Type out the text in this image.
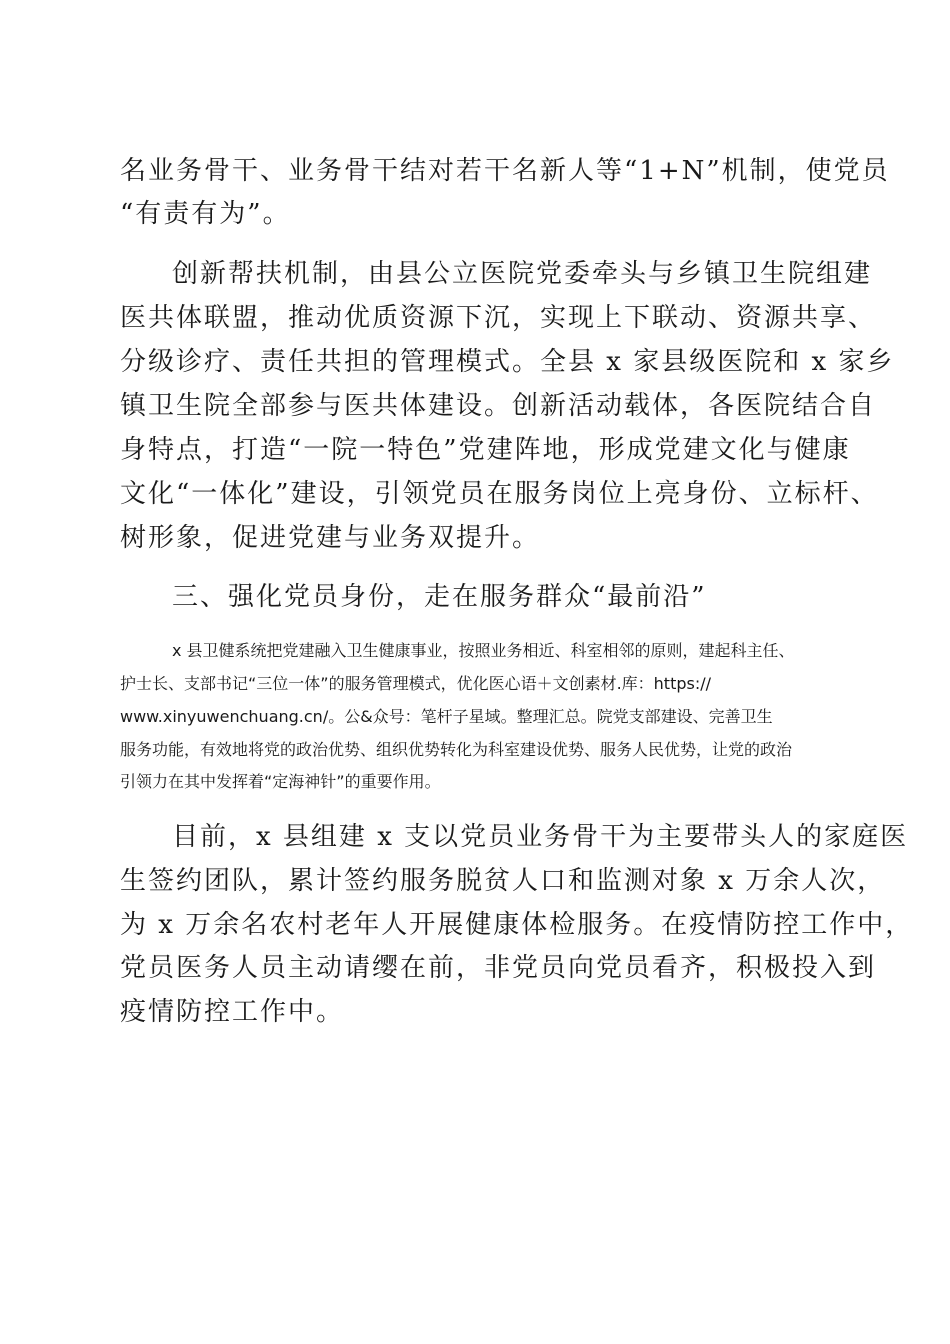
名业务骨干、业务骨干结对若干名新人等“1+N”机制，使党员
“有责有为”。
创新帮扶机制，由县公立医院党委牵头与乡镇卫生院组建
医共体联盟，推动优质资源下沉，实现上下联动、资源共享、
分级诊疗、责任共担的管理模式。全县 x 家县级医院和 x 家乡
镇卫生院全部参与医共体建设。创新活动载体，各医院结合自
身特点，打造“一院一特色”党建阵地，形成党建文化与健康
文化“一体化”建设，引领党员在服务岗位上亮身份、立标杆、
树形象，促进党建与业务双提升。
三、强化党员身份，走在服务群众“最前沿”
x 县卫健系统把党建融入卫生健康事业，按照业务相近、科室相邻的原则，建起科主任、
护士长、支部书记“三位一体”的服务管理模式，优化医心语＋文创素材.库：https://
www.xinyuwenchuang.cn/。公&众号：笔杆子星域。整理汇总。院党支部建设、完善卫生
服务功能，有效地将党的政治优势、组织优势转化为科室建设优势、服务人民优势，让党的政治
引领力在其中发挥着“定海神针”的重要作用。
目前，x 县组建 x 支以党员业务骨干为主要带头人的家庭医
生签约团队，累计签约服务脱贫人口和监测对象 x 万余人次，
为 x 万余名农村老年人开展健康体检服务。在疫情防控工作中，
党员医务人员主动请缨在前，非党员向党员看齐，积极投入到
疫情防控工作中。
